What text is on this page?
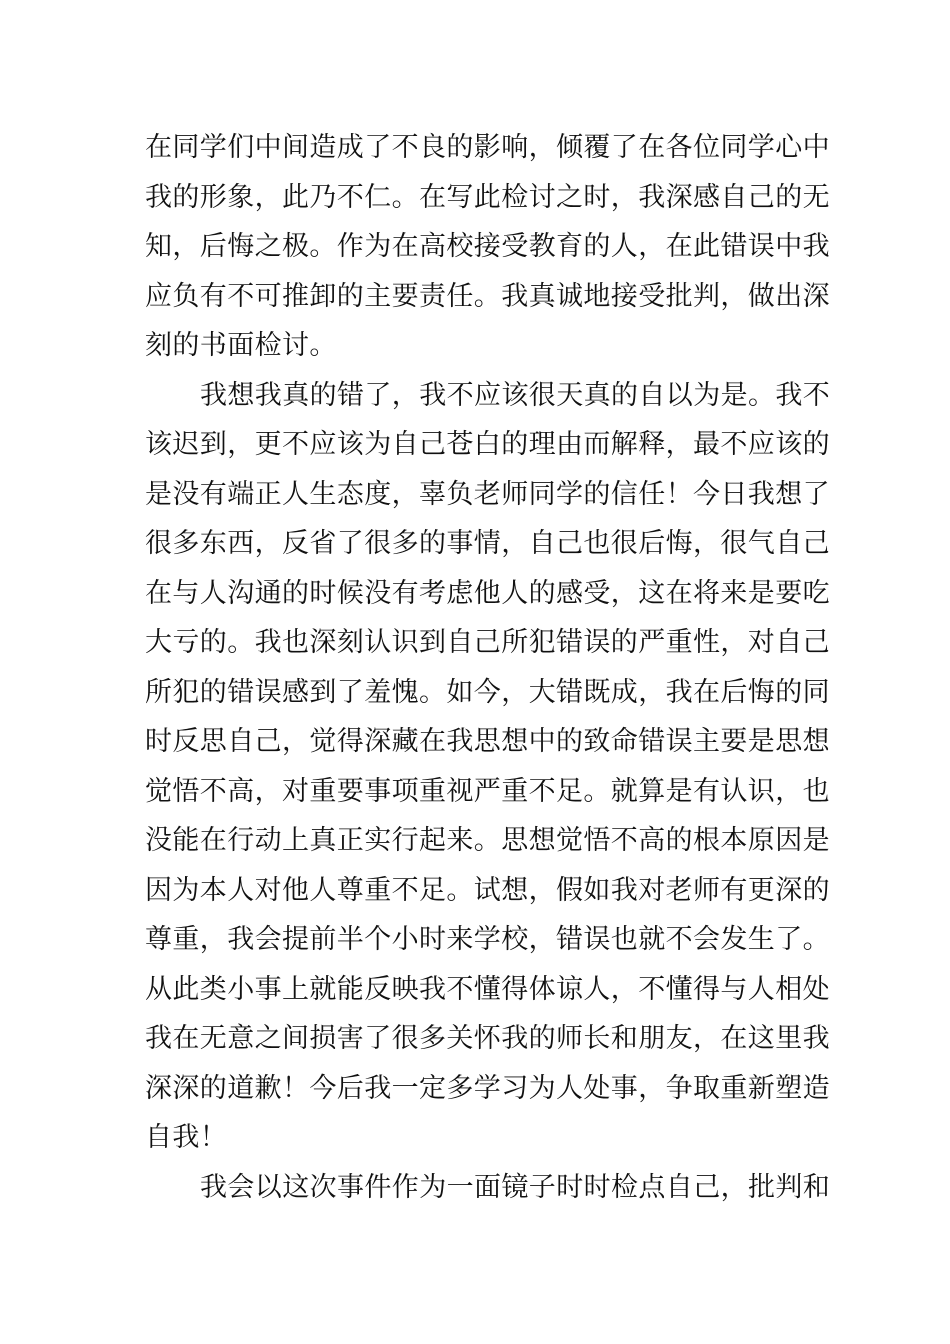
在同学们中间造成了不良的影响，倾覆了在各位同学心中
我的形象，此乃不仁。在写此检讨之时，我深感自己的无
知，后悔之极。作为在高校接受教育的人，在此错误中我
应负有不可推卸的主要责任。我真诚地接受批判，做出深
刻的书面检讨。
我想我真的错了，我不应该很天真的自以为是。我不
该迟到，更不应该为自己苍白的理由而解释，最不应该的
是没有端正人生态度，辜负老师同学的信任！今日我想了
很多东西，反省了很多的事情，自己也很后悔，很气自己
在与人沟通的时候没有考虑他人的感受，这在将来是要吃
大亏的。我也深刻认识到自己所犯错误的严重性，对自己
所犯的错误感到了羞愧。如今，大错既成，我在后悔的同
时反思自己，觉得深藏在我思想中的致命错误主要是思想
觉悟不高，对重要事项重视严重不足。就算是有认识，也
没能在行动上真正实行起来。思想觉悟不高的根本原因是
因为本人对他人尊重不足。试想，假如我对老师有更深的
尊重，我会提前半个小时来学校，错误也就不会发生了。
从此类小事上就能反映我不懂得体谅人，不懂得与人相处
我在无意之间损害了很多关怀我的师长和朋友，在这里我
深深的道歉！今后我一定多学习为人处事，争取重新塑造
自我！
我会以这次事件作为一面镜子时时检点自己，批判和
